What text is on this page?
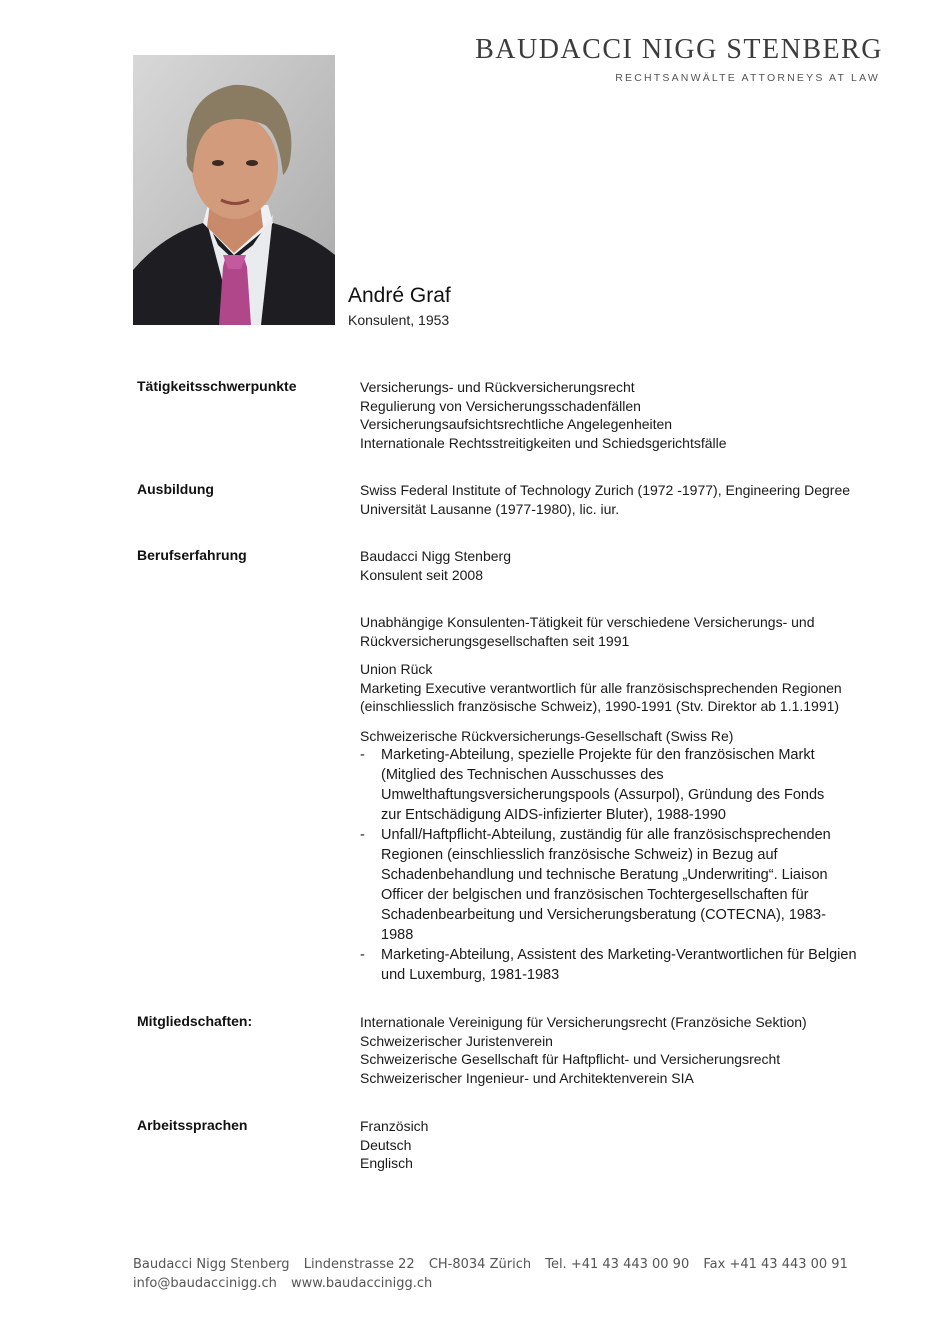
BAUDACCI NIGG STENBERG
RECHTSANWÄLTE ATTORNEYS AT LAW
André Graf
Konsulent, 1953
Tätigkeitsschwerpunkte	Versicherungs- und Rückversicherungsrecht
Regulierung von Versicherungsschadenfällen
Versicherungsaufsichtsrechtliche Angelegenheiten
Internationale Rechtsstreitigkeiten und Schiedsgerichtsfälle
Ausbildung	Swiss Federal Institute of Technology Zurich (1972 -1977), Engineering Degree
Universität Lausanne (1977-1980), lic. iur.
Berufserfahrung	Baudacci Nigg Stenberg
Konsulent seit 2008
Unabhängige Konsulenten-Tätigkeit für verschiedene Versicherungs- und
Rückversicherungsgesellschaften seit 1991
Union Rück
Marketing Executive verantwortlich für alle französischsprechenden Regionen
(einschliesslich französische Schweiz), 1990-1991 (Stv. Direktor ab 1.1.1991)
Schweizerische Rückversicherungs-Gesellschaft (Swiss Re)
- Marketing-Abteilung, spezielle Projekte für den französischen Markt
(Mitglied des Technischen Ausschusses des
Umwelthaftungsversicherungspools (Assurpol), Gründung des Fonds
zur Entschädigung AIDS-infizierter Bluter), 1988-1990
- Unfall/Haftpflicht-Abteilung, zuständig für alle französischsprechenden
Regionen (einschliesslich französische Schweiz) in Bezug auf
Schadenbehandlung und technische Beratung „Underwriting“. Liaison
Officer der belgischen und französischen Tochtergesellschaften für
Schadenbearbeitung und Versicherungsberatung (COTECNA), 1983-
1988
- Marketing-Abteilung, Assistent des Marketing-Verantwortlichen für Belgien
und Luxemburg, 1981-1983
Mitgliedschaften:	Internationale Vereinigung für Versicherungsrecht (Französiche Sektion)
Schweizerischer Juristenverein
Schweizerische Gesellschaft für Haftpflicht- und Versicherungsrecht
Schweizerischer Ingenieur- und Architektenverein SIA
Arbeitssprachen	Französich
Deutsch
Englisch
Baudacci Nigg Stenberg Lindenstrasse 22 CH-8034 Zürich Tel. +41 43 443 00 90 Fax +41 43 443 00 91
info@baudaccinigg.ch www.baudaccinigg.ch
